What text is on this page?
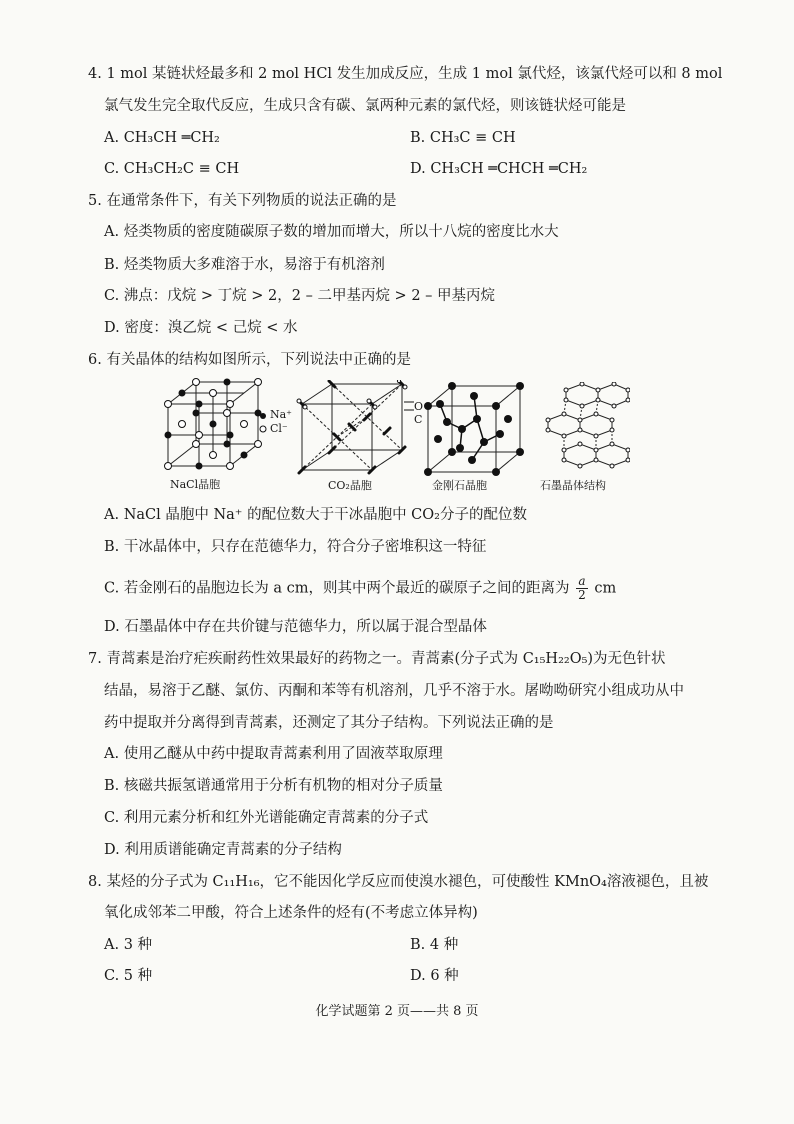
4. 1 mol 某链状烃最多和 2 mol HCl 发生加成反应，生成 1 mol 氯代烃，该氯代烃可以和 8 mol
氯气发生完全取代反应，生成只含有碳、氯两种元素的氯代烃，则该链状烃可能是
A. CH₃CH ═CH₂	B. CH₃C ≡ CH
C. CH₃CH₂C ≡ CH	D. CH₃CH ═CHCH ═CH₂
5. 在通常条件下，有关下列物质的说法正确的是
A. 烃类物质的密度随碳原子数的增加而增大，所以十八烷的密度比水大
B. 烃类物质大多难溶于水，易溶于有机溶剂
C. 沸点：戊烷 > 丁烷 > 2，2 – 二甲基丙烷 > 2 – 甲基丙烷
D. 密度：溴乙烷 < 己烷 < 水
6. 有关晶体的结构如图所示，下列说法中正确的是
Na⁺
Cl⁻
NaCl晶胞
O
C
CO₂晶胞	金刚石晶胞	石墨晶体结构
A. NaCl 晶胞中 Na⁺ 的配位数大于干冰晶胞中 CO₂分子的配位数
B. 干冰晶体中，只存在范德华力，符合分子密堆积这一特征
C. 若金刚石的晶胞边长为 a cm，则其中两个最近的碳原子之间的距离为 $\frac{a}{2}$ cm
D. 石墨晶体中存在共价键与范德华力，所以属于混合型晶体
7. 青蒿素是治疗疟疾耐药性效果最好的药物之一。青蒿素(分子式为 C₁₅H₂₂O₅)为无色针状
结晶，易溶于乙醚、氯仿、丙酮和苯等有机溶剂，几乎不溶于水。屠呦呦研究小组成功从中
药中提取并分离得到青蒿素，还测定了其分子结构。下列说法正确的是
A. 使用乙醚从中药中提取青蒿素利用了固液萃取原理
B. 核磁共振氢谱通常用于分析有机物的相对分子质量
C. 利用元素分析和红外光谱能确定青蒿素的分子式
D. 利用质谱能确定青蒿素的分子结构
8. 某烃的分子式为 C₁₁H₁₆，它不能因化学反应而使溴水褪色，可使酸性 KMnO₄溶液褪色，且被
氧化成邻苯二甲酸，符合上述条件的烃有(不考虑立体异构)
A. 3 种	B. 4 种
C. 5 种	D. 6 种
化学试题第 2 页——共 8 页
